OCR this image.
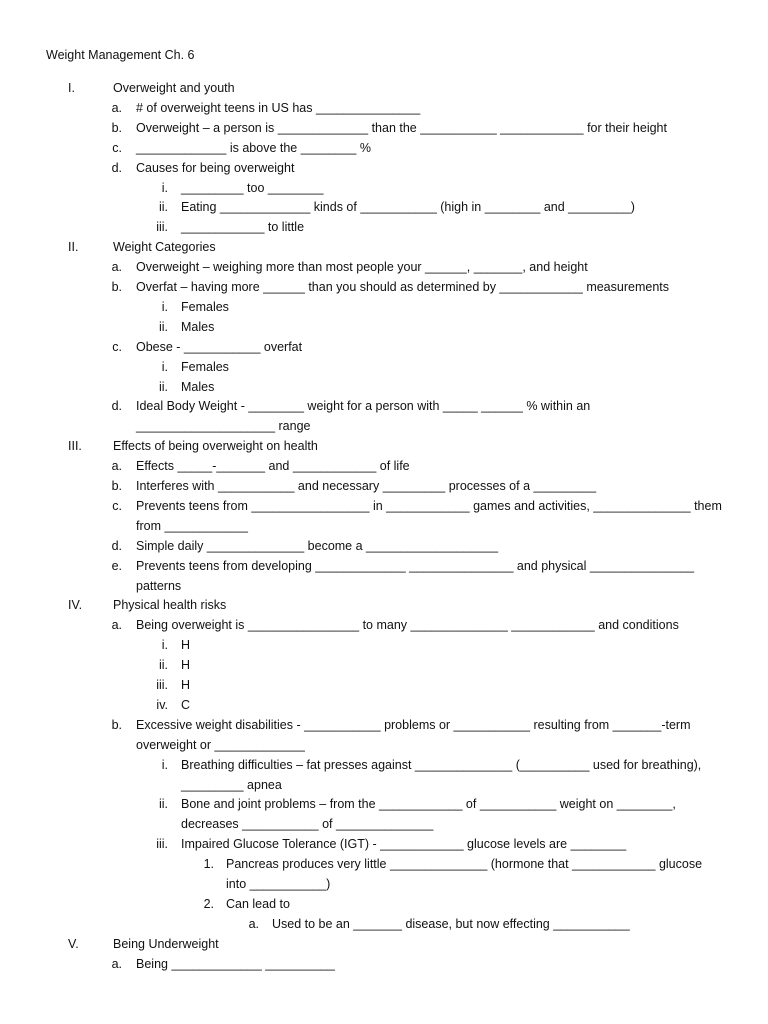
Weight Management Ch. 6
I.	Overweight and youth
a. # of overweight teens in US has _______________
b. Overweight – a person is _____________ than the ___________ ____________ for their height
c. _____________ is above the ________ %
d. Causes for being overweight
i. _________ too ________
ii. Eating _____________ kinds of ___________ (high in ________ and _________)
iii. ____________ to little
II.	Weight Categories
a. Overweight – weighing more than most people your ______, _______, and height
b. Overfat – having more ______ than you should as determined by ____________ measurements
i. Females
ii. Males
c. Obese - ___________ overfat
i. Females
ii. Males
d. Ideal Body Weight - ________ weight for a person with _____ ______ % within an
____________________ range
III. Effects of being overweight on health
a. Effects _____-_______ and ____________ of life
b. Interferes with ___________ and necessary _________ processes of a _________
c. Prevents teens from _________________ in ____________ games and activities, ______________ them
from ____________
d. Simple daily ______________ become a ___________________
e. Prevents teens from developing _____________ _______________ and physical _______________
patterns
IV. Physical health risks
a. Being overweight is ________________ to many ______________ ____________ and conditions
i. H
ii. H
iii. H
iv. C
b. Excessive weight disabilities - ___________ problems or ___________ resulting from _______-term
overweight or _____________
i. Breathing difficulties – fat presses against ______________ (__________ used for breathing),
_________ apnea
ii. Bone and joint problems – from the ____________ of ___________ weight on ________,
decreases ___________ of ______________
iii. Impaired Glucose Tolerance (IGT) - ____________ glucose levels are ________
1. Pancreas produces very little ______________ (hormone that ____________ glucose
into ___________)
2. Can lead to
a. Used to be an _______ disease, but now effecting ___________
V.	Being Underweight
a. Being _____________ __________
